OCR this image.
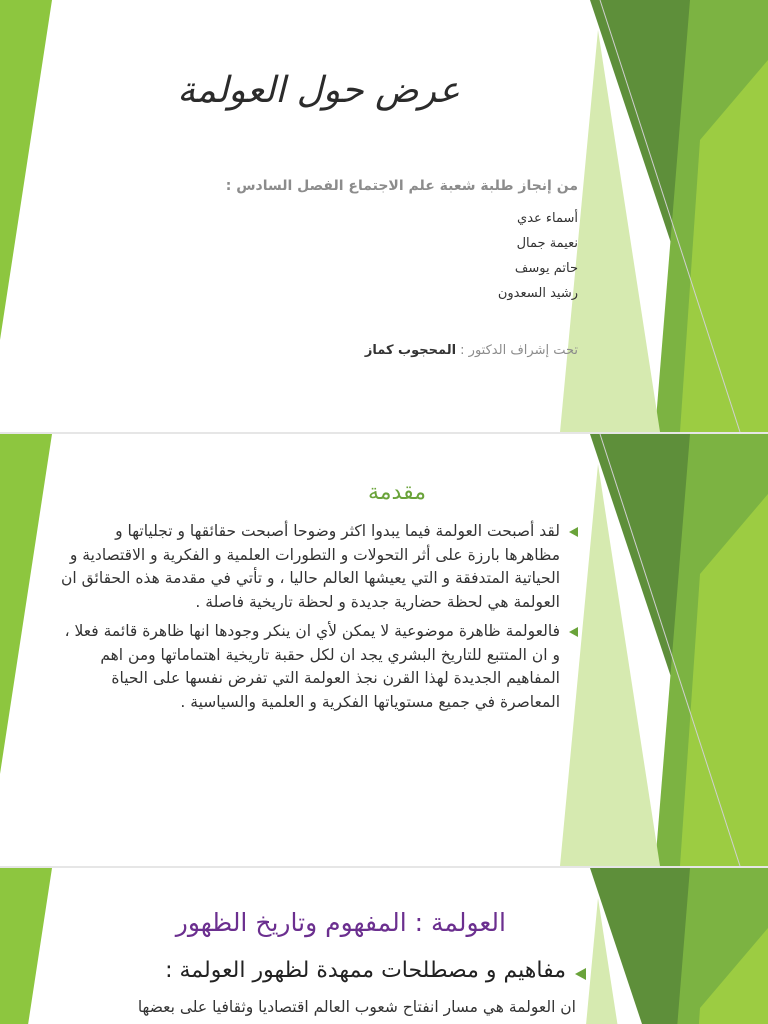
عرض حول العولمة
من إنجاز طلبة شعبة علم الاجتماع الفصل السادس :
أسماء عدي
نعيمة جمال
حاتم يوسف
رشيد السعدون
تحت إشراف الدكتور : المحجوب كماز
مقدمة
لقد أصبحت العولمة فيما يبدوا اكثر وضوحا أصبحت حقائقها و تجلياتها و مظاهرها بارزة على أثر التحولات و التطورات العلمية و الفكرية و الاقتصادية و الحياتية المتدفقة و التي يعيشها العالم حاليا ، و تأتي في مقدمة هذه الحقائق ان العولمة هي لحظة حضارية جديدة و لحظة تاريخية فاصلة .
فالعولمة ظاهرة موضوعية لا يمكن لأي ان ينكر وجودها انها ظاهرة قائمة فعلا ، و ان المتتبع للتاريخ البشري يجد ان لكل حقبة تاريخية اهتماماتها ومن اهم المفاهيم الجديدة لهذا القرن نجذ العولمة التي تفرض نفسها على الحياة المعاصرة في جميع مستوياتها الفكرية و العلمية والسياسية .
العولمة : المفهوم وتاريخ الظهور
مفاهيم و مصطلحات ممهدة لظهور العولمة :
ان العولمة هي مسار انفتاح شعوب العالم اقتصاديا وثقافيا على بعضها
